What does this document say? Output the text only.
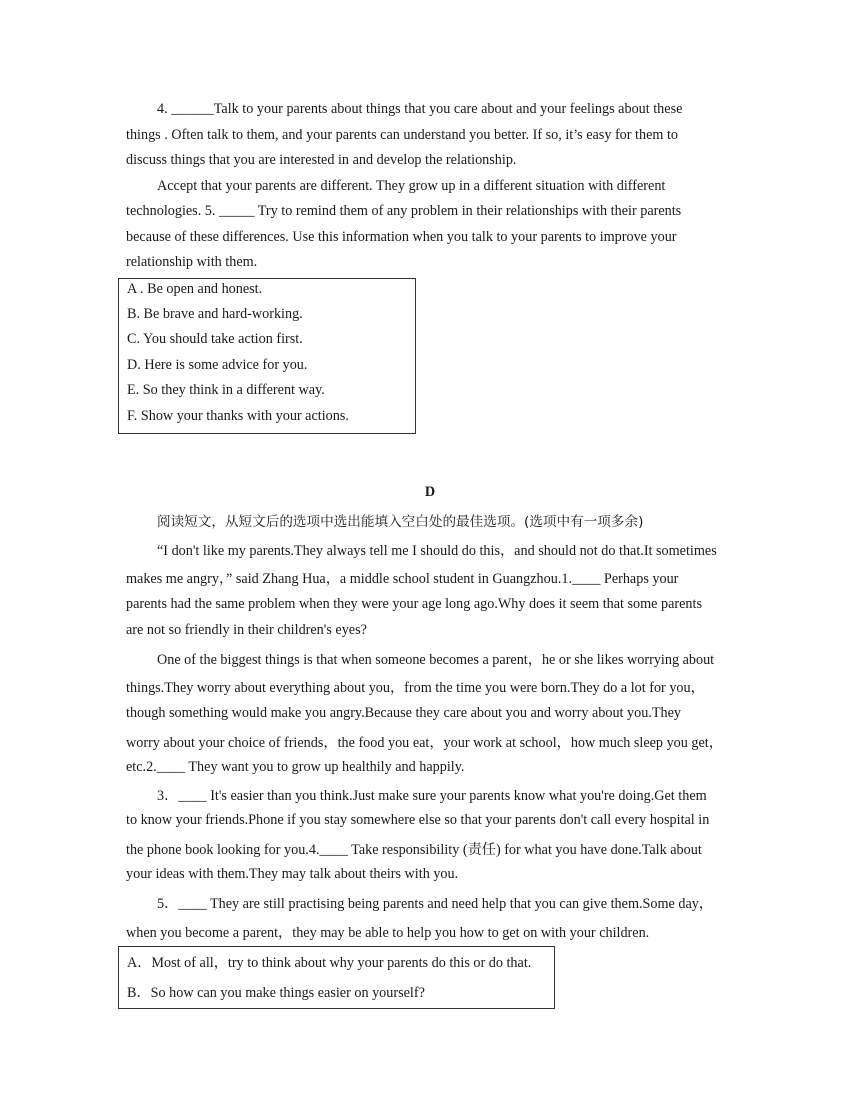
4. ______Talk to your parents about things that you care about and your feelings about these
things . Often talk to them, and your parents can understand you better. If so, it’s easy for them to
discuss things that you are interested in and develop the relationship.
Accept that your parents are different. They grow up in a different situation with different
technologies. 5. _____ Try to remind them of any problem in their relationships with their parents
because of these differences. Use this information when you talk to your parents to improve your
relationship with them.
A . Be open and honest.
B. Be brave and hard-working.
C. You should take action first.
D. Here is some advice for you.
E. So they think in a different way.
F. Show your thanks with your actions.
D
阅读短文，从短文后的选项中选出能填入空白处的最佳选项。(选项中有一项多余)
“I don't like my parents.They always tell me I should do this，and should not do that.It sometimes
makes me angry，” said Zhang Hua，a middle school student in Guangzhou.1.____ Perhaps your
parents had the same problem when they were your age long ago.Why does it seem that some parents
are not so friendly in their children's eyes?
One of the biggest things is that when someone becomes a parent，he or she likes worrying about
things.They worry about everything about you，from the time you were born.They do a lot for you，
though something would make you angry.Because they care about you and worry about you.They
worry about your choice of friends，the food you eat，your work at school，how much sleep you get，
etc.2.____ They want you to grow up healthily and happily.
3．____ It's easier than you think.Just make sure your parents know what you're doing.Get them
to know your friends.Phone if you stay somewhere else so that your parents don't call every hospital in
the phone book looking for you.4.____ Take responsibility (责任) for what you have done.Talk about
your ideas with them.They may talk about theirs with you.
5．____ They are still practising being parents and need help that you can give them.Some day，
when you become a parent，they may be able to help you how to get on with your children.
A．Most of all，try to think about why your parents do this or do that.
B．So how can you make things easier on yourself?
